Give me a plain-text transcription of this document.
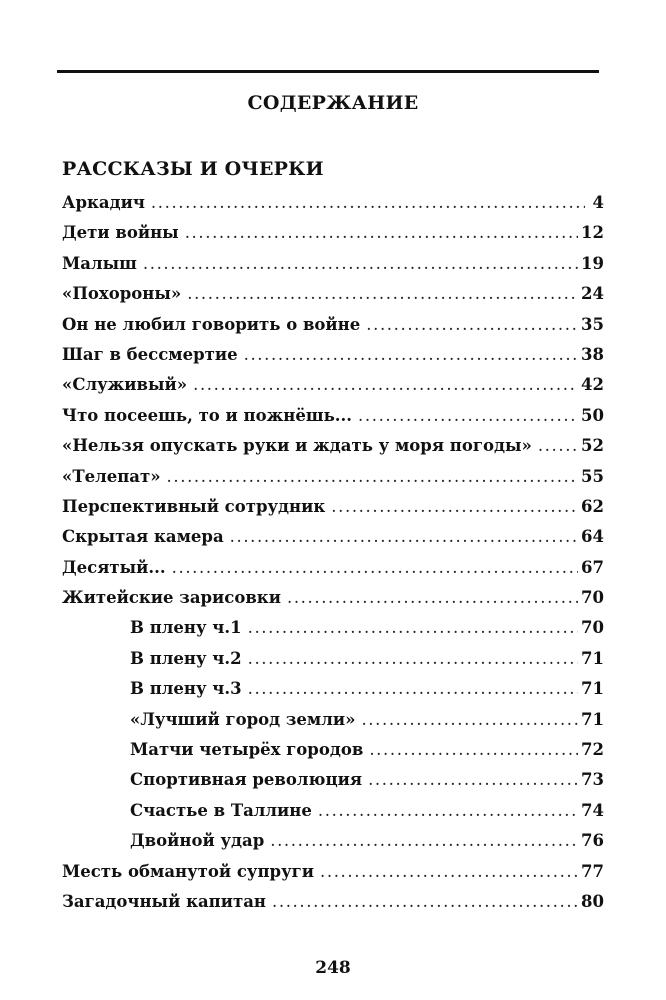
СОДЕРЖАНИЕ
РАССКАЗЫ И ОЧЕРКИ
Аркадич .....	4
Дети войны .....	12
Малыш .....	19
«Похороны» .....	24
Он не любил говорить о войне .....	35
Шаг в бессмертие .....	38
«Служивый» .....	42
Что посеешь, то и пожнёшь... .....	50
«Нельзя опускать руки и ждать у моря погоды» .....	52
«Телепат» .....	55
Перспективный сотрудник .....	62
Скрытая камера .....	64
Десятый... .....	67
Житейские зарисовки .....	70
В плену ч.1 .....	70
В плену ч.2 .....	71
В плену ч.3 .....	71
«Лучший город земли» .....	71
Матчи четырёх городов .....	72
Спортивная революция .....	73
Счастье в Таллине .....	74
Двойной удар .....	76
Месть обманутой супруги .....	77
Загадочный капитан .....	80
248
